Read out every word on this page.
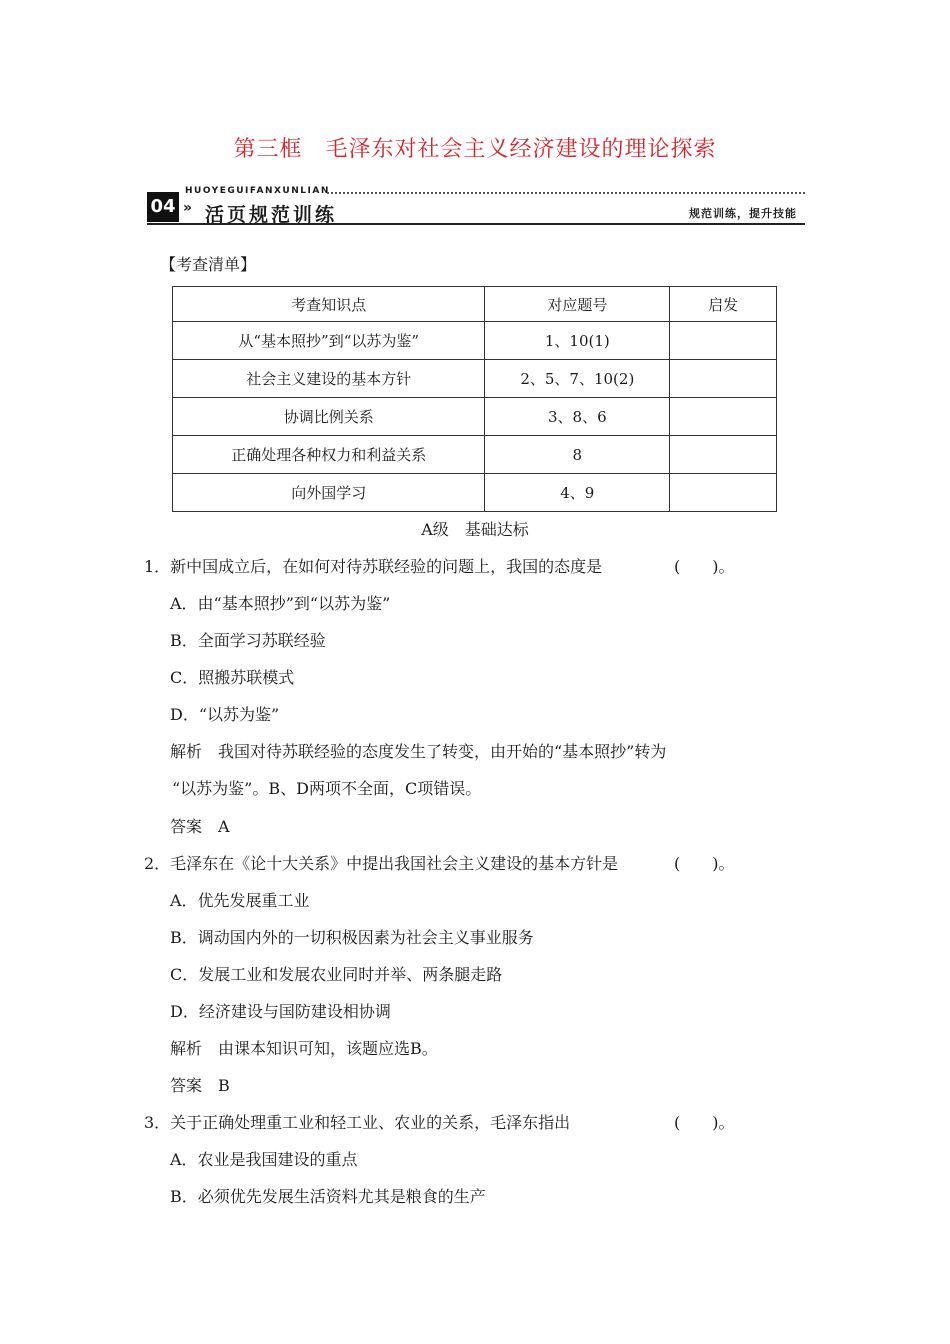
第三框　毛泽东对社会主义经济建设的理论探索
04
HUOYEGUIFANXUNLIAN
» 活页规范训练	规范训练，提升技能
【考查清单】
考查知识点	对应题号	启发
从“基本照抄”到“以苏为鉴”	1、10(1)	
社会主义建设的基本方针	2、5、7、10(2)	
协调比例关系	3、8、6	
正确处理各种权力和利益关系	8	
向外国学习	4、9	
A级　基础达标
1．新中国成立后，在如何对待苏联经验的问题上，我国的态度是	(　　)。
A．由“基本照抄”到“以苏为鉴”
B．全面学习苏联经验
C．照搬苏联模式
D．“以苏为鉴”
解析　我国对待苏联经验的态度发生了转变，由开始的“基本照抄”转为
“以苏为鉴”。B、D两项不全面，C项错误。
答案　A
2．毛泽东在《论十大关系》中提出我国社会主义建设的基本方针是	(　　)。
A．优先发展重工业
B．调动国内外的一切积极因素为社会主义事业服务
C．发展工业和发展农业同时并举、两条腿走路
D．经济建设与国防建设相协调
解析　由课本知识可知，该题应选B。
答案　B
3．关于正确处理重工业和轻工业、农业的关系，毛泽东指出	(　　)。
A．农业是我国建设的重点
B．必须优先发展生活资料尤其是粮食的生产
